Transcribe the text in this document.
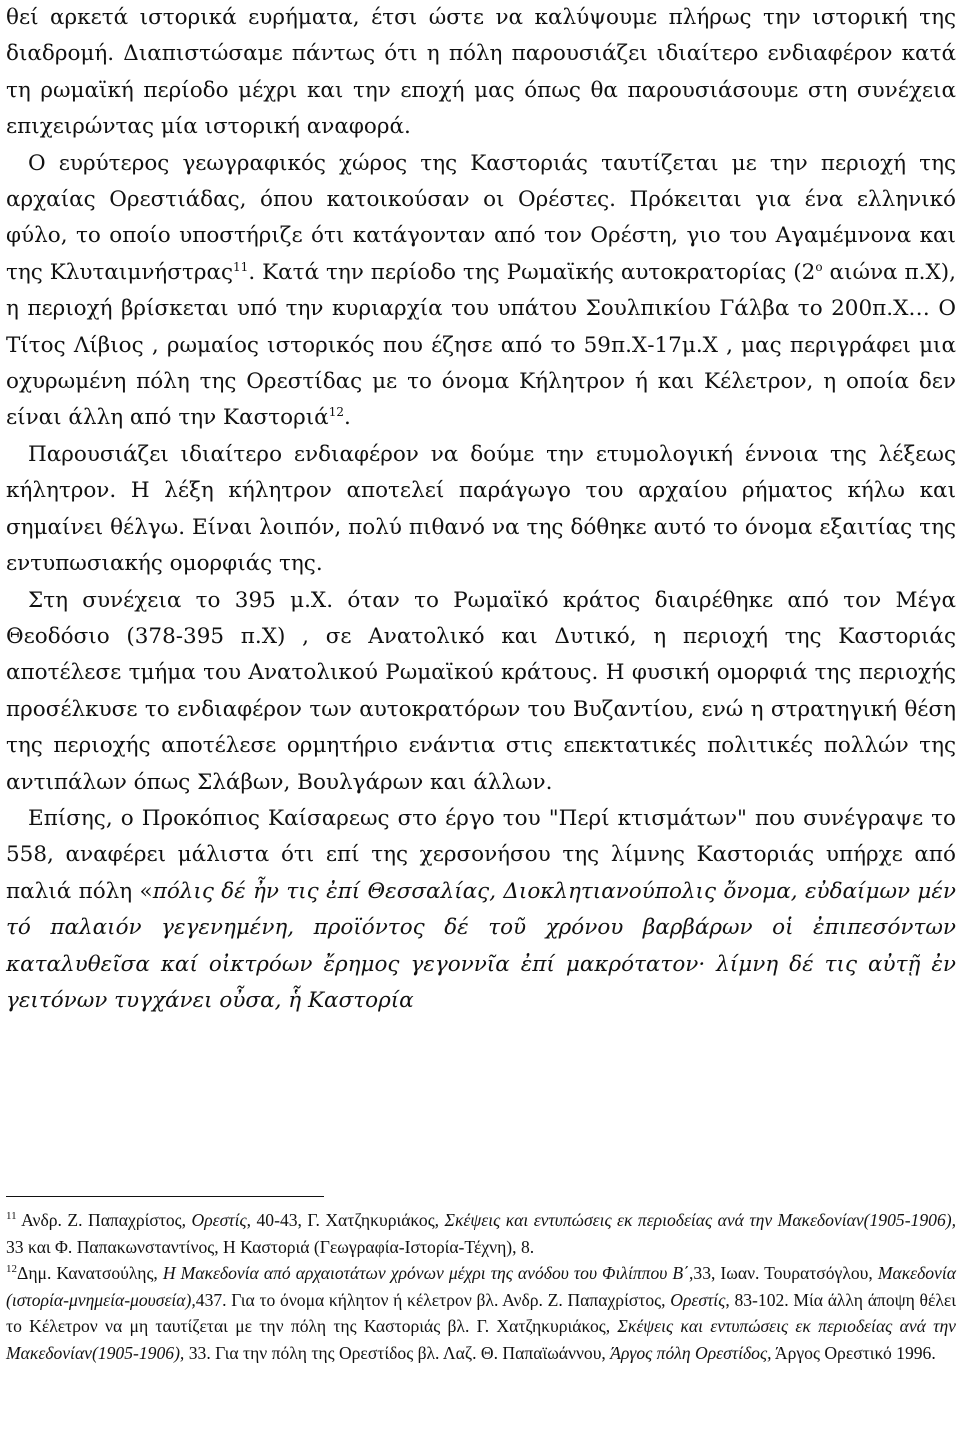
θεί αρκετά ιστορικά ευρήματα, έτσι ώστε να καλύψουμε πλήρως την ιστορική της διαδρομή. Διαπιστώσαμε πάντως ότι η πόλη παρουσιάζει ιδιαίτερο ενδιαφέρον κατά τη ρωμαϊκή περίοδο μέχρι και την εποχή μας όπως θα παρουσιάσουμε στη συνέχεια επιχειρώντας μία ιστορική αναφορά.

Ο ευρύτερος γεωγραφικός χώρος της Καστοριάς ταυτίζεται με την περιοχή της αρχαίας Ορεστιάδας, όπου κατοικούσαν οι Ορέστες. Πρόκειται για ένα ελληνικό φύλο, το οποίο υποστήριζε ότι κατάγονταν από τον Ορέστη, γιο του Αγαμέμνονα και της Κλυταιμνήστρας$^{11}$. Κατά την περίοδο της Ρωμαϊκής αυτοκρατορίας ($2^o$ αιώνα π.Χ), η περιοχή βρίσκεται υπό την κυριαρχία του υπάτου Σουλπικίου Γάλβα το 200π.Χ… Ο Τίτος Λίβιος , ρωμαίος ιστορικός που έζησε από το 59π.Χ-17μ.Χ , μας περιγράφει μια οχυρωμένη πόλη της Ορεστίδας με το όνομα Κήλητρον ή και Κέλετρον, η οποία δεν είναι άλλη από την Καστοριά$^{12}$.

Παρουσιάζει ιδιαίτερο ενδιαφέρον να δούμε την ετυμολογική έννοια της λέξεως κήλητρον. Η λέξη κήλητρον αποτελεί παράγωγο του αρχαίου ρήματος κήλω και σημαίνει θέλγω. Είναι λοιπόν, πολύ πιθανό να της δόθηκε αυτό το όνομα εξαιτίας της εντυπωσιακής ομορφιάς της.

Στη συνέχεια το 395 μ.Χ. όταν το Ρωμαϊκό κράτος διαιρέθηκε από τον Μέγα Θεοδόσιο (378-395 π.Χ) , σε Ανατολικό και Δυτικό, η περιοχή της Καστοριάς αποτέλεσε τμήμα του Ανατολικού Ρωμαϊκού κράτους. Η φυσική ομορφιά της περιοχής προσέλκυσε το ενδιαφέρον των αυτοκρατόρων του Βυζαντίου, ενώ η στρατηγική θέση της περιοχής αποτέλεσε ορμητήριο ενάντια στις επεκτατικές πολιτικές πολλών της αντιπάλων όπως Σλάβων, Βουλγάρων και άλλων.

Επίσης, ο Προκόπιος Καίσαρεως στο έργο του "Περί κτισμάτων" που συνέγραψε το 558, αναφέρει μάλιστα ότι επί της χερσονήσου της λίμνης Καστοριάς υπήρχε από παλιά πόλη «πόλις δέ ἦν τις ἐπί Θεσσαλίας, Διοκλητιανούπολις ὄνομα, εὐδαίμων μέν τό παλαιόν γεγενημένη, προϊόντος δέ τοῦ χρόνου βαρβάρων οἱ ἐπιπεσόντων καταλυθεῖσα καί οἰκτρόων ἔρημος γεγοννῖα ἐπί μακρότατον· λίμνη δέ τις αὐτῇ ἐν γειτόνων τυγχάνει οὖσα, ἧ Καστορία

$^{11}$ Ανδρ. Ζ. Παπαχρίστος, Ορεστίς, 40-43, Γ. Χατζηκυριάκος, Σκέψεις και εντυπώσεις εκ περιοδείας ανά την Μακεδονίαν(1905-1906), 33 και Φ. Παπακωνσταντίνος, Η Καστοριά (Γεωγραφία-Ιστορία-Τέχνη), 8.

$^{12}$Δημ. Κανατσούλης, Η Μακεδονία από αρχαιοτάτων χρόνων μέχρι της ανόδου του Φιλίππου Β΄,33, Ιωαν. Τουρατσόγλου, Μακεδονία (ιστορία-μνημεία-μουσεία),437. Για το όνομα κήλητον ή κέλετρον βλ. Ανδρ. Ζ. Παπαχρίστος, Ορεστίς, 83-102. Μία άλλη άποψη θέλει το Κέλετρον να μη ταυτίζεται με την πόλη της Καστοριάς βλ. Γ. Χατζηκυριάκος, Σκέψεις και εντυπώσεις εκ περιοδείας ανά την Μακεδονίαν(1905-1906), 33. Για την πόλη της Ορεστίδος βλ. Λαζ. Θ. Παπαϊωάννου, Άργος πόλη Ορεστίδος, Άργος Ορεστικό 1996.
